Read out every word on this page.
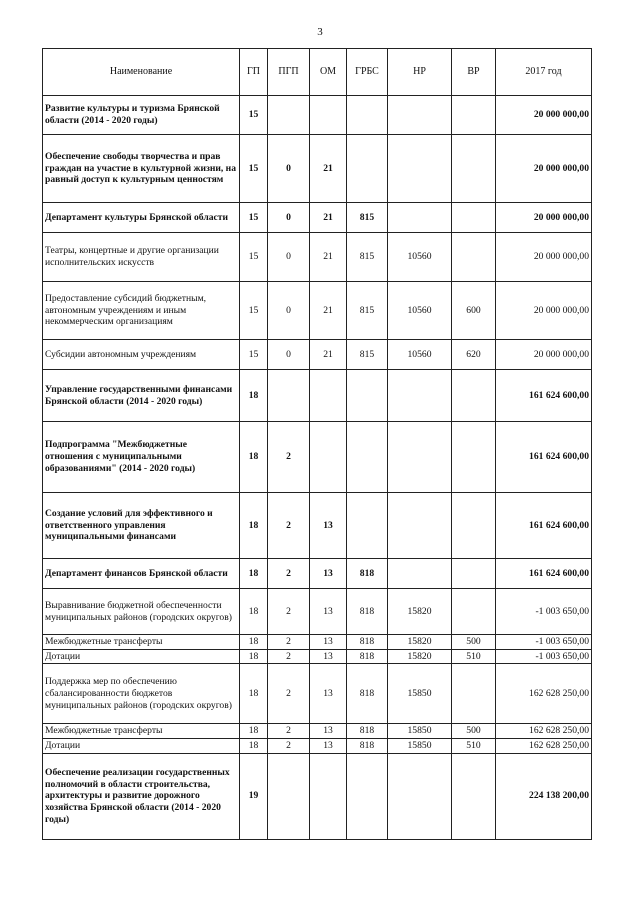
3
Наименование	ГП	ПГП	ОМ	ГРБС	НР	ВР	2017 год
Развитие культуры и туризма Брянской области (2014 - 2020 годы)	15						20 000 000,00
Обеспечение свободы творчества и прав граждан на участие в культурной жизни, на равный доступ к культурным ценностям	15	0	21				20 000 000,00
Департамент культуры Брянской области	15	0	21	815			20 000 000,00
Театры, концертные и другие организации исполнительских искусств	15	0	21	815	10560		20 000 000,00
Предоставление субсидий бюджетным, автономным учреждениям и иным некоммерческим организациям	15	0	21	815	10560	600	20 000 000,00
Субсидии автономным учреждениям	15	0	21	815	10560	620	20 000 000,00
Управление государственными финансами Брянской области (2014 - 2020 годы)	18						161 624 600,00
Подпрограмма "Межбюджетные отношения с муниципальными образованиями" (2014 - 2020 годы)	18	2					161 624 600,00
Создание условий для эффективного и ответственного управления муниципальными финансами	18	2	13				161 624 600,00
Департамент финансов Брянской области	18	2	13	818			161 624 600,00
Выравнивание бюджетной обеспеченности муниципальных районов (городских округов)	18	2	13	818	15820		-1 003 650,00
Межбюджетные трансферты	18	2	13	818	15820	500	-1 003 650,00
Дотации	18	2	13	818	15820	510	-1 003 650,00
Поддержка мер по обеспечению сбалансированности бюджетов муниципальных районов (городских округов)	18	2	13	818	15850		162 628 250,00
Межбюджетные трансферты	18	2	13	818	15850	500	162 628 250,00
Дотации	18	2	13	818	15850	510	162 628 250,00
Обеспечение реализации государственных полномочий в области строительства, архитектуры и развитие дорожного хозяйства Брянской области (2014 - 2020 годы)	19						224 138 200,00
